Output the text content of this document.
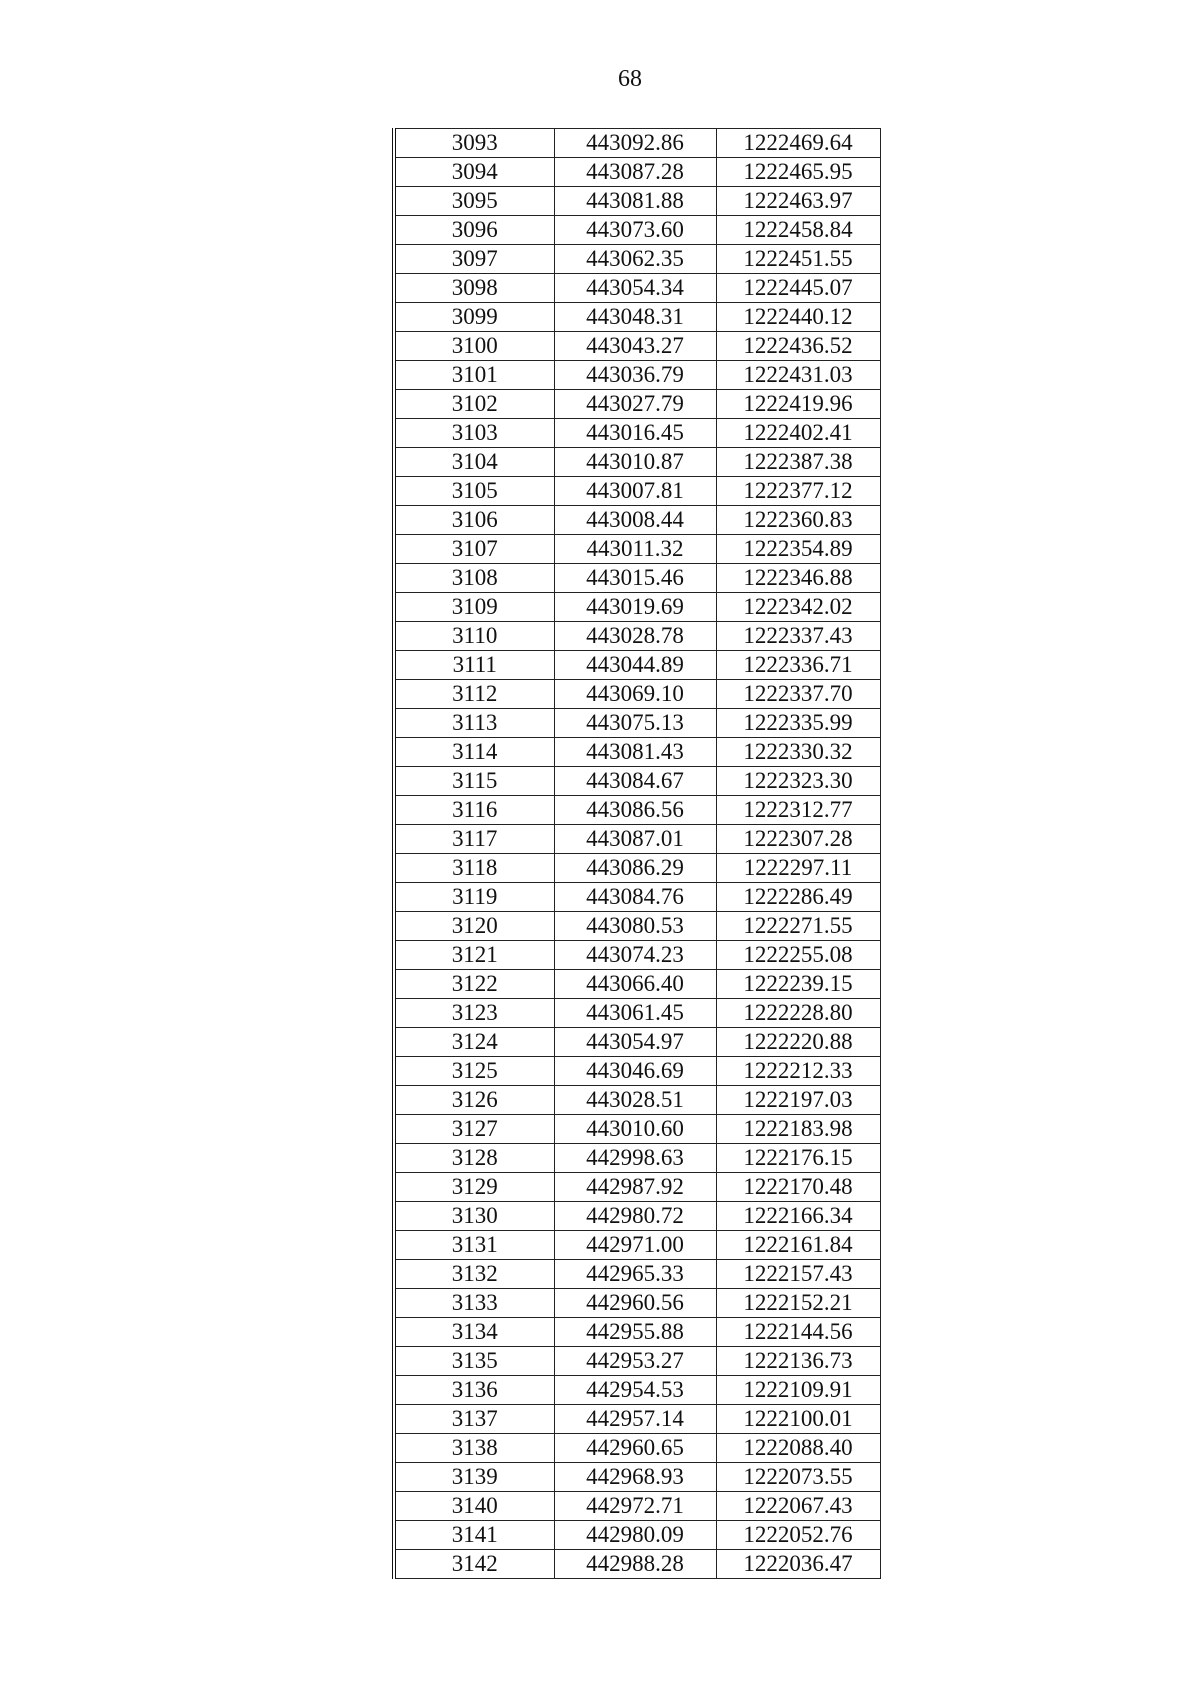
68
3093	443092.86	1222469.64
3094	443087.28	1222465.95
3095	443081.88	1222463.97
3096	443073.60	1222458.84
3097	443062.35	1222451.55
3098	443054.34	1222445.07
3099	443048.31	1222440.12
3100	443043.27	1222436.52
3101	443036.79	1222431.03
3102	443027.79	1222419.96
3103	443016.45	1222402.41
3104	443010.87	1222387.38
3105	443007.81	1222377.12
3106	443008.44	1222360.83
3107	443011.32	1222354.89
3108	443015.46	1222346.88
3109	443019.69	1222342.02
3110	443028.78	1222337.43
3111	443044.89	1222336.71
3112	443069.10	1222337.70
3113	443075.13	1222335.99
3114	443081.43	1222330.32
3115	443084.67	1222323.30
3116	443086.56	1222312.77
3117	443087.01	1222307.28
3118	443086.29	1222297.11
3119	443084.76	1222286.49
3120	443080.53	1222271.55
3121	443074.23	1222255.08
3122	443066.40	1222239.15
3123	443061.45	1222228.80
3124	443054.97	1222220.88
3125	443046.69	1222212.33
3126	443028.51	1222197.03
3127	443010.60	1222183.98
3128	442998.63	1222176.15
3129	442987.92	1222170.48
3130	442980.72	1222166.34
3131	442971.00	1222161.84
3132	442965.33	1222157.43
3133	442960.56	1222152.21
3134	442955.88	1222144.56
3135	442953.27	1222136.73
3136	442954.53	1222109.91
3137	442957.14	1222100.01
3138	442960.65	1222088.40
3139	442968.93	1222073.55
3140	442972.71	1222067.43
3141	442980.09	1222052.76
3142	442988.28	1222036.47
